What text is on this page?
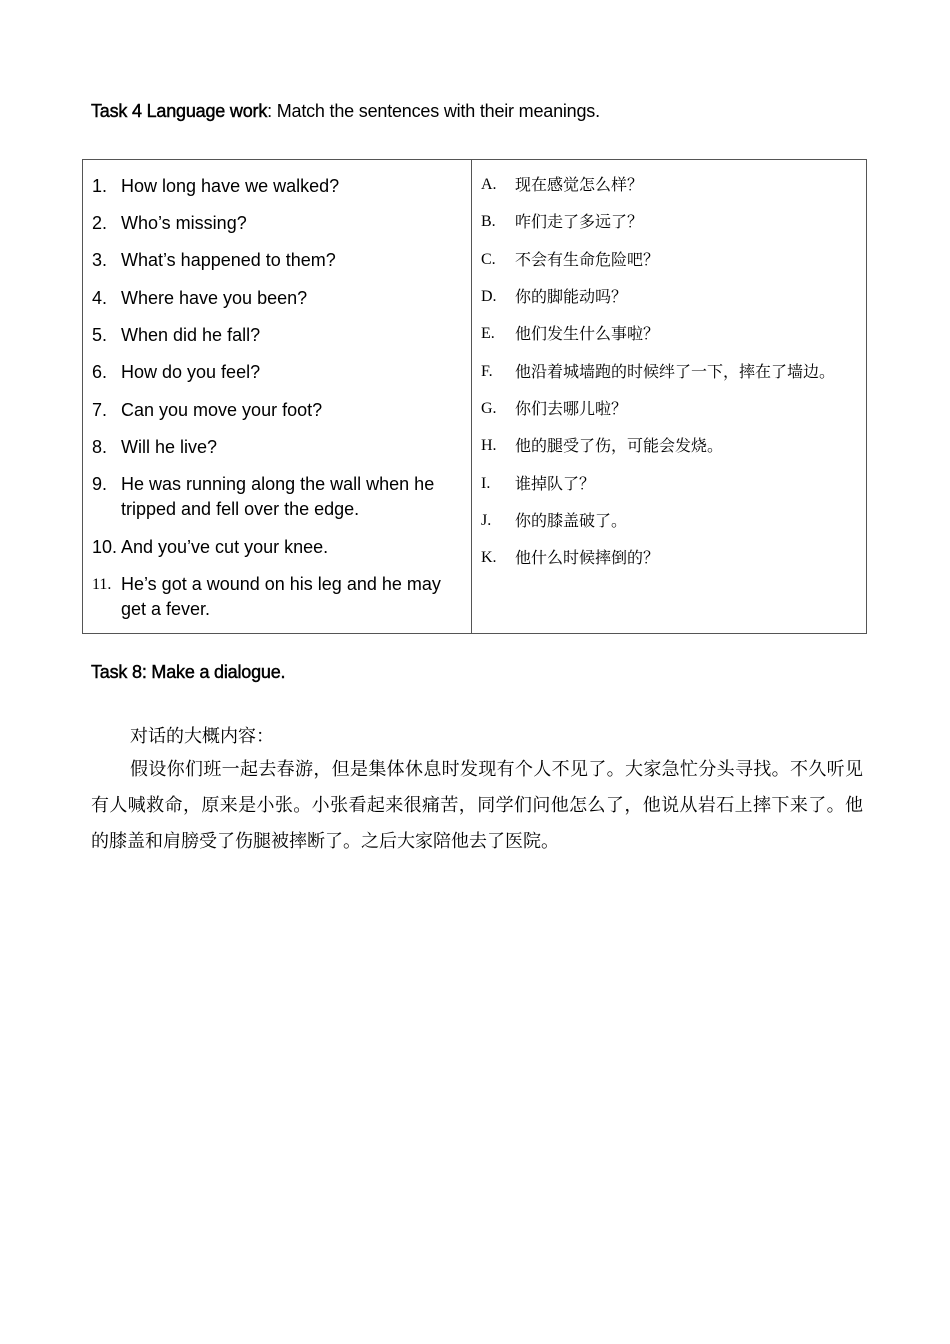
Task 4 Language work: Match the sentences with their meanings.
1. How long have we walked?
2. Who’s missing?
3. What’s happened to them?
4. Where have you been?
5. When did he fall?
6. How do you feel?
7. Can you move your foot?
8. Will he live?
9. He was running along the wall when he tripped and fell over the edge.
10. And you’ve cut your knee.
11. He’s got a wound on his leg and he may get a fever.
A. 现在感觉怎么样？
B. 咋们走了多远了？
C. 不会有生命危险吧？
D. 你的脚能动吗？
E. 他们发生什么事啦？
F. 他沿着城墙跑的时候绊了一下，摔在了墙边。
G. 你们去哪儿啦？
H. 他的腿受了伤，可能会发烧。
I. 谁掉队了？
J. 你的膝盖破了。
K. 他什么时候摔倒的？
Task 8: Make a dialogue.
对话的大概内容：
假设你们班一起去春游，但是集体休息时发现有个人不见了。大家急忙分头寻找。不久听见有人喊救命，原来是小张。小张看起来很痛苦，同学们问他怎么了，他说从岩石上摔下来了。他的膝盖和肩膀受了伤腿被摔断了。之后大家陪他去了医院。
